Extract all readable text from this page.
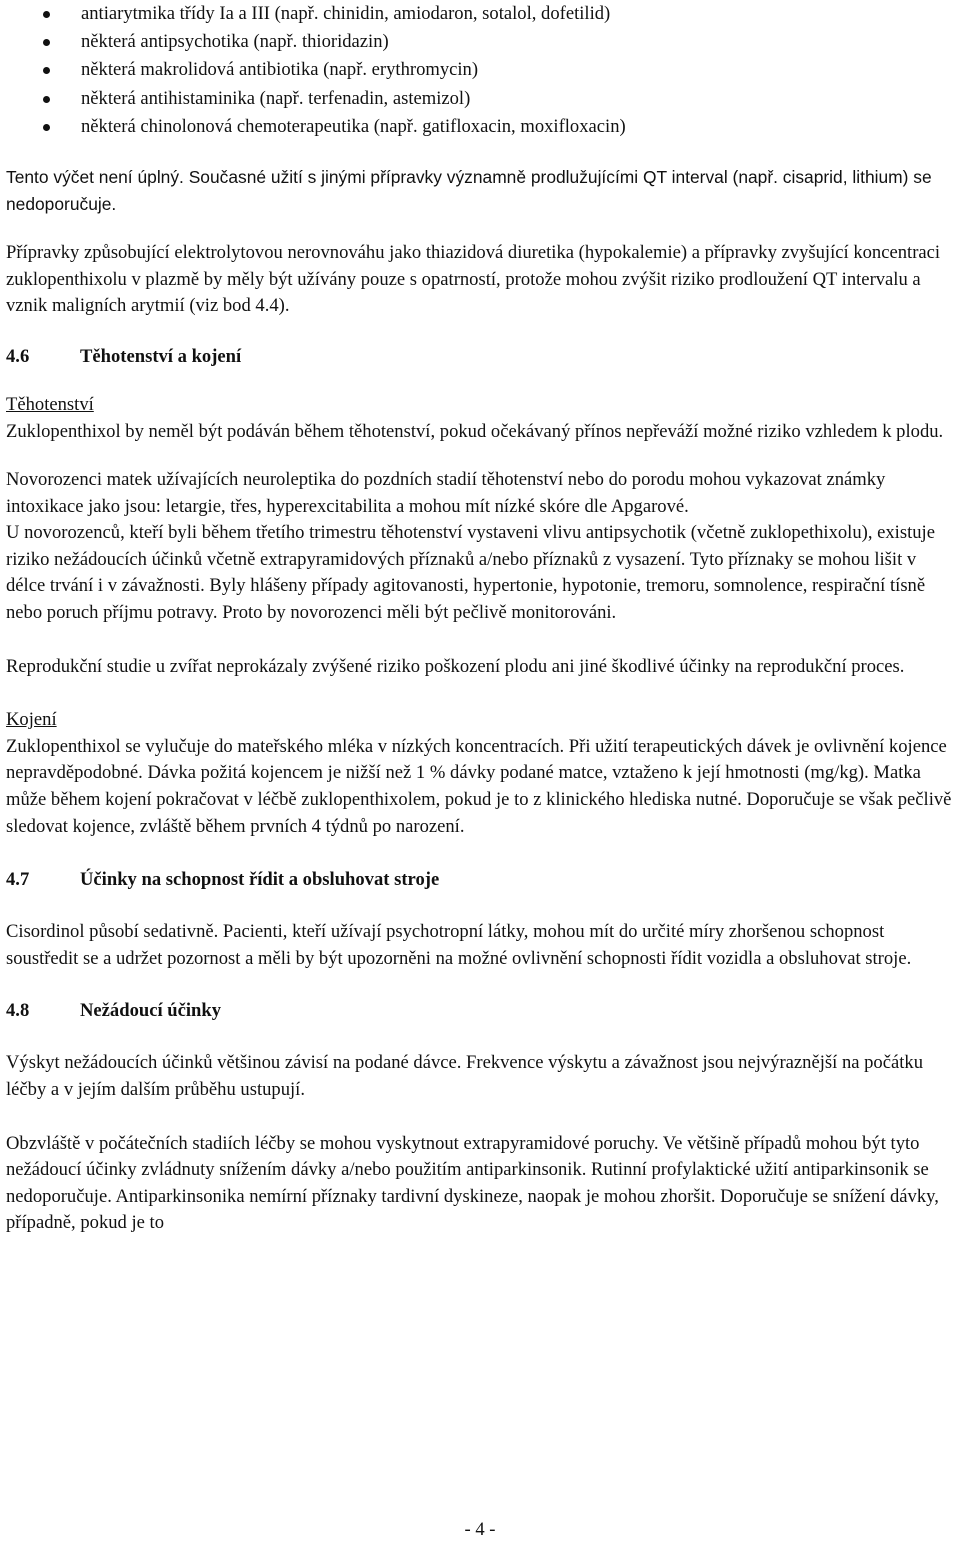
antiarytmika třídy Ia a III (např. chinidin, amiodaron, sotalol, dofetilid)
některá antipsychotika (např. thioridazin)
některá makrolidová antibiotika (např. erythromycin)
některá antihistaminika (např. terfenadin, astemizol)
některá chinolonová chemoterapeutika (např. gatifloxacin, moxifloxacin)

Tento výčet není úplný. Současné užití s jinými přípravky významně prodlužujícími QT interval (např. cisaprid, lithium) se nedoporučuje.

Přípravky způsobující elektrolytovou nerovnováhu jako thiazidová diuretika (hypokalemie) a přípravky zvyšující koncentraci zuklopenthixolu v plazmě by měly být užívány pouze s opatrností, protože mohou zvýšit riziko prodloužení QT intervalu a vznik maligních arytmií (viz bod 4.4).

4.6	Těhotenství a kojení

Těhotenství

Zuklopenthixol by neměl být podáván během těhotenství, pokud očekávaný přínos nepřeváží možné riziko vzhledem k plodu.

Novorozenci matek užívajících neuroleptika do pozdních stadií těhotenství nebo do porodu mohou vykazovat známky intoxikace jako jsou: letargie, třes, hyperexcitabilita a mohou mít nízké skóre dle Apgarové.

U novorozenců, kteří byli během třetího trimestru těhotenství vystaveni vlivu antipsychotik (včetně zuklopethixolu), existuje riziko nežádoucích účinků včetně extrapyramidových příznaků a/nebo příznaků z vysazení. Tyto příznaky se mohou lišit v délce trvání i v závažnosti. Byly hlášeny případy agitovanosti, hypertonie, hypotonie, tremoru, somnolence, respirační tísně nebo poruch příjmu potravy. Proto by novorozenci měli být pečlivě monitorováni.

Reprodukční studie u zvířat neprokázaly zvýšené riziko poškození plodu ani jiné škodlivé účinky na reprodukční proces.

Kojení

Zuklopenthixol se vylučuje do mateřského mléka v nízkých koncentracích. Při užití terapeutických dávek je ovlivnění kojence nepravděpodobné. Dávka požitá kojencem je nižší než 1 % dávky podané matce, vztaženo k její hmotnosti (mg/kg). Matka může během kojení pokračovat v léčbě zuklopenthixolem, pokud je to z klinického hlediska nutné. Doporučuje se však pečlivě sledovat kojence, zvláště během prvních 4 týdnů po narození.

4.7	Účinky na schopnost řídit a obsluhovat stroje

Cisordinol působí sedativně. Pacienti, kteří užívají psychotropní látky, mohou mít do určité míry zhoršenou schopnost soustředit se a udržet pozornost a měli by být upozorněni na možné ovlivnění schopnosti řídit vozidla a obsluhovat stroje.

4.8	Nežádoucí účinky

Výskyt nežádoucích účinků většinou závisí na podané dávce. Frekvence výskytu a závažnost jsou nejvýraznější na počátku léčby a v jejím dalším průběhu ustupují.

Obzvláště v počátečních stadiích léčby se mohou vyskytnout extrapyramidové poruchy. Ve většině případů mohou být tyto nežádoucí účinky zvládnuty snížením dávky a/nebo použitím antiparkinsonik. Rutinní profylaktické užití antiparkinsonik se nedoporučuje. Antiparkinsonika nemírní příznaky tardivní dyskineze, naopak je mohou zhoršit. Doporučuje se snížení dávky, případně, pokud je to

- 4 -
